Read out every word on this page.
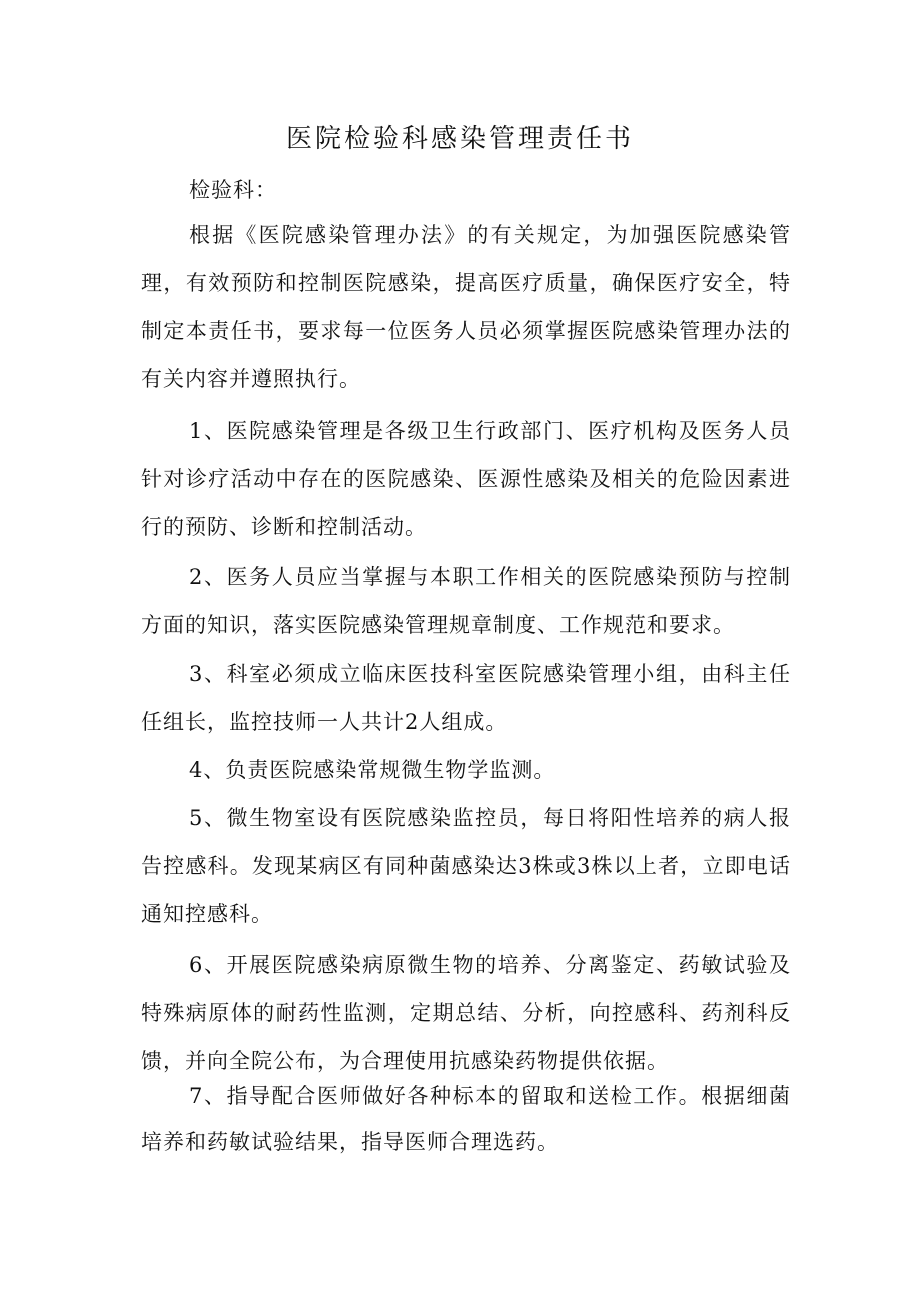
医院检验科感染管理责任书
检验科：
根据《医院感染管理办法》的有关规定，为加强医院感染管理，有效预防和控制医院感染，提高医疗质量，确保医疗安全，特制定本责任书，要求每一位医务人员必须掌握医院感染管理办法的有关内容并遵照执行。
1、医院感染管理是各级卫生行政部门、医疗机构及医务人员针对诊疗活动中存在的医院感染、医源性感染及相关的危险因素进行的预防、诊断和控制活动。
2、医务人员应当掌握与本职工作相关的医院感染预防与控制方面的知识，落实医院感染管理规章制度、工作规范和要求。
3、科室必须成立临床医技科室医院感染管理小组，由科主任任组长，监控技师一人共计2人组成。
4、负责医院感染常规微生物学监测。
5、微生物室设有医院感染监控员，每日将阳性培养的病人报告控感科。发现某病区有同种菌感染达3株或3株以上者，立即电话通知控感科。
6、开展医院感染病原微生物的培养、分离鉴定、药敏试验及特殊病原体的耐药性监测，定期总结、分析，向控感科、药剂科反馈，并向全院公布，为合理使用抗感染药物提供依据。
7、指导配合医师做好各种标本的留取和送检工作。根据细菌培养和药敏试验结果，指导医师合理选药。
